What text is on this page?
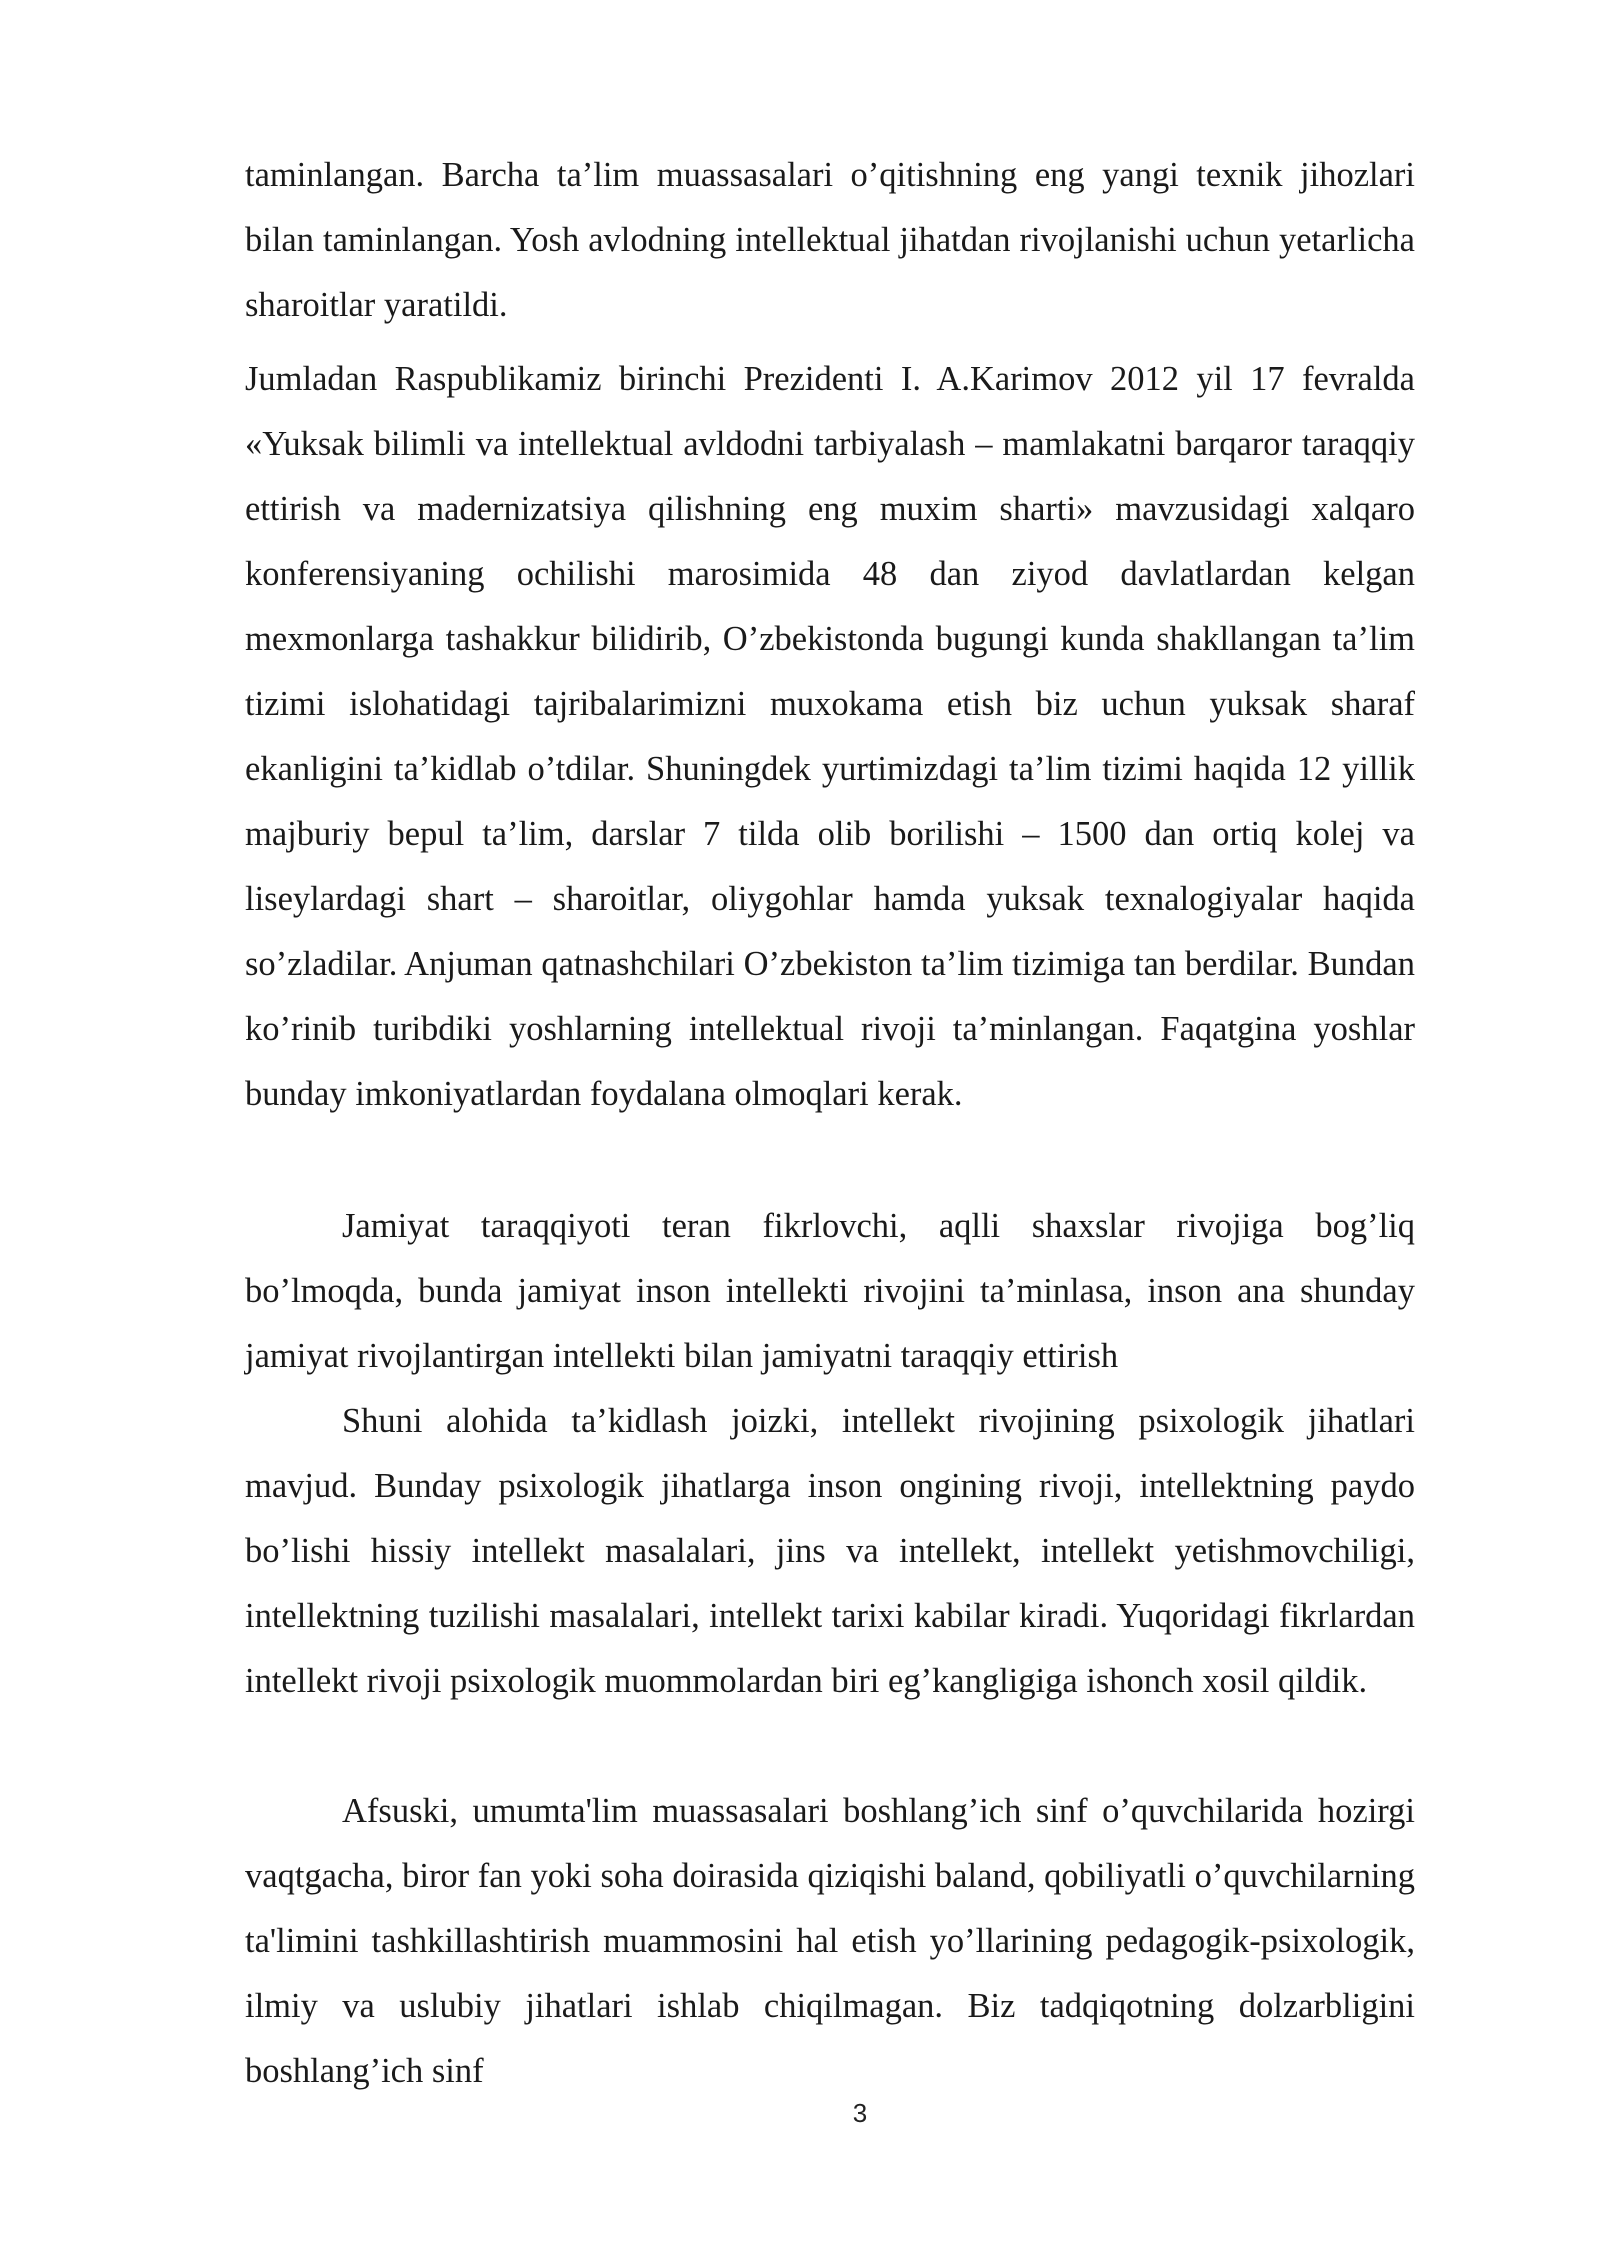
taminlangan. Barcha ta’lim muassasalari o’qitishning eng yangi texnik jihozlari bilan taminlangan. Yosh avlodning intellektual jihatdan rivojlanishi uchun yetarlicha sharoitlar yaratildi.

Jumladan Raspublikamiz birinchi Prezidenti I. A.Karimov 2012 yil 17 fevralda «Yuksak bilimli va intellektual avldodni tarbiyalash – mamlakatni barqaror taraqqiy ettirish va madernizatsiya qilishning eng muxim sharti» mavzusidagi xalqaro konferensiyaning ochilishi marosimida 48 dan ziyod davlatlardan kelgan mexmonlarga tashakkur bilidirib, O’zbekistonda bugungi kunda shakllangan ta’lim tizimi islohatidagi tajribalarimizni muxokama etish biz uchun yuksak sharaf ekanligini ta’kidlab o’tdilar. Shuningdek yurtimizdagi ta’lim tizimi haqida 12 yillik majburiy bepul ta’lim, darslar 7 tilda olib borilishi – 1500 dan ortiq kolej va liseylardagi shart – sharoitlar, oliygohlar hamda yuksak texnalogiyalar haqida so’zladilar. Anjuman qatnashchilari O’zbekiston ta’lim tizimiga tan berdilar. Bundan ko’rinib turibdiki yoshlarning intellektual rivoji ta’minlangan. Faqatgina yoshlar bunday imkoniyatlardan foydalana olmoqlari kerak.

Jamiyat taraqqiyoti teran fikrlovchi, aqlli shaxslar rivojiga bog’liq bo’lmoqda, bunda jamiyat inson intellekti rivojini ta’minlasa, inson ana shunday jamiyat rivojlantirgan intellekti bilan jamiyatni taraqqiy ettirish

Shuni alohida ta’kidlash joizki, intellekt rivojining psixologik jihatlari mavjud. Bunday psixologik jihatlarga inson ongining rivoji, intellektning paydo bo’lishi hissiy intellekt masalalari, jins va intellekt, intellekt yetishmovchiligi, intellektning tuzilishi masalalari, intellekt tarixi kabilar kiradi. Yuqoridagi fikrlardan intellekt rivoji psixologik muommolardan biri eg’kangligiga ishonch xosil qildik.

Afsuski, umumta'lim muassasalari boshlang’ich sinf o’quvchilarida hozirgi vaqtgacha, biror fan yoki soha doirasida qiziqishi baland, qobiliyatli o’quvchilarning ta'limini tashkillashtirish muammosini hal etish yo’llarining pedagogik-psixologik, ilmiy va uslubiy jihatlari ishlab chiqilmagan. Biz tadqiqotning dolzarbligini boshlang’ich sinf

3
